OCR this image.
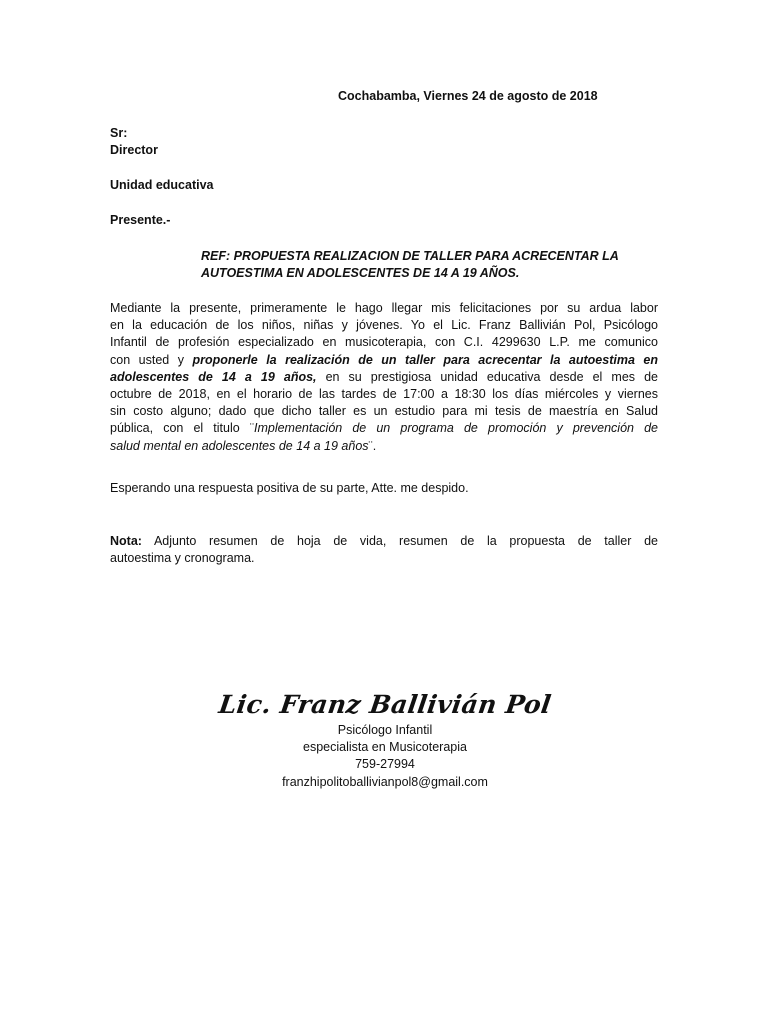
Cochabamba, Viernes 24 de agosto de 2018
Sr:
Director
Unidad educativa
Presente.-
REF: PROPUESTA REALIZACION DE TALLER PARA ACRECENTAR LA
AUTOESTIMA EN ADOLESCENTES DE 14 A 19 AÑOS.
Mediante la presente, primeramente le hago llegar mis felicitaciones por su ardua labor
en la educación de los niños, niñas y jóvenes. Yo el Lic. Franz Ballivián Pol, Psicólogo
Infantil de profesión especializado en musicoterapia, con C.I. 4299630 L.P. me comunico
con usted y proponerle la realización de un taller para acrecentar la autoestima en
adolescentes de 14 a 19 años, en su prestigiosa unidad educativa desde el mes de
octubre de 2018, en el horario de las tardes de 17:00 a 18:30 los días miércoles y viernes
sin costo alguno; dado que dicho taller es un estudio para mi tesis de maestría en Salud
pública, con el titulo ¨Implementación de un programa de promoción y prevención de
salud mental en adolescentes de 14 a 19 años¨.
Esperando una respuesta positiva de su parte, Atte. me despido.
Nota: Adjunto resumen de hoja de vida, resumen de la propuesta de taller de
autoestima y cronograma.
Lic. Franz Ballivián Pol
Psicólogo Infantil
especialista en Musicoterapia
759-27994
franzhipolitoballivianpol8@gmail.com
